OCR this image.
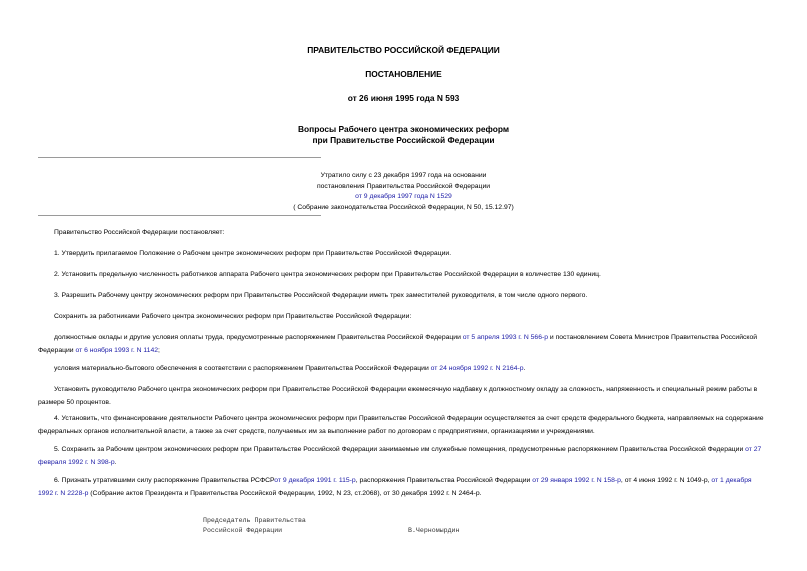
ПРАВИТЕЛЬСТВО РОССИЙСКОЙ ФЕДЕРАЦИИ
ПОСТАНОВЛЕНИЕ
от 26 июня 1995 года N 593
Вопросы Рабочего центра экономических реформ
при Правительстве Российской Федерации
Утратило силу с 23 декабря 1997 года на основании
постановления Правительства Российской Федерации
от 9 декабря 1997 года N 1529
( Собрание законодательства Российской Федерации, N 50, 15.12.97)
Правительство Российской Федерации постановляет:
1. Утвердить прилагаемое Положение о Рабочем центре экономических реформ при Правительстве Российской Федерации.
2. Установить предельную численность работников аппарата Рабочего центра экономических реформ при Правительстве Российской Федерации в количестве 130 единиц.
3. Разрешить Рабочему центру экономических реформ при Правительстве Российской Федерации иметь трех заместителей руководителя, в том числе одного первого.
Сохранить за работниками Рабочего центра экономических реформ при Правительстве Российской Федерации:
должностные оклады и другие условия оплаты труда, предусмотренные распоряжением Правительства Российской Федерации от 5 апреля 1993 г. N 566-р и постановлением Совета Министров Правительства Российской Федерации от 6 ноября 1993 г. N 1142;
условия материально-бытового обеспечения в соответствии с распоряжением Правительства Российской Федерации от 24 ноября 1992 г. N 2164-р.
Установить руководителю Рабочего центра экономических реформ при Правительстве Российской Федерации ежемесячную надбавку к должностному окладу за сложность, напряженность и специальный режим работы в размере 50 процентов.
4. Установить, что финансирование деятельности Рабочего центра экономических реформ при Правительстве Российской Федерации осуществляется за счет средств федерального бюджета, направляемых на содержание федеральных органов исполнительной власти, а также за счет средств, получаемых им за выполнение работ по договорам с предприятиями, организациями и учреждениями.
5. Сохранить за Рабочим центром экономических реформ при Правительстве Российской Федерации занимаемые им служебные помещения, предусмотренные распоряжением Правительства Российской Федерации от 27 февраля 1992 г. N 398-р.
6. Признать утратившими силу распоряжение Правительства РСФСРот 9 декабря 1991 г. 115-р, распоряжения Правительства Российской Федерации от 29 января 1992 г. N 158-р, от 4 июня 1992 г. N 1049-р, от 1 декабря 1992 г. N 2228-р (Собрание актов Президента и Правительства Российской Федерации, 1992, N 23, ст.2068), от 30 декабря 1992 г. N 2464-р.
Председатель Правительства
Российской Федерации	В.Черномырдин
